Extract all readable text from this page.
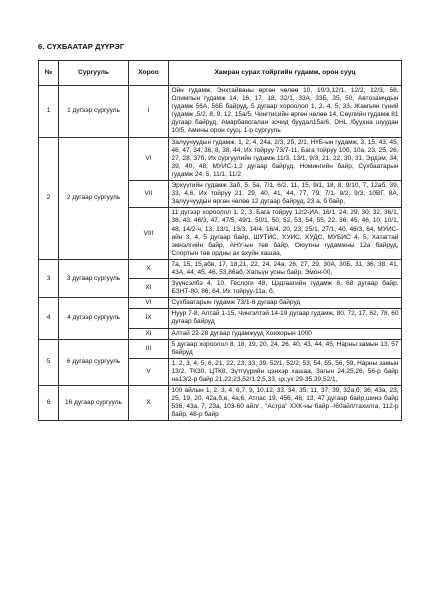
6. СҮХБААТАР ДҮҮРЭГ
№	Сургууль	Хороо	Хамран сурах тойргийн гудамж, орон сууц
1	1 дүгээр сургууль	I	Ойн гудамж, Энхтайваны өргөн чөлөө 10, 10/3,12/1, 12/2, 12/3, 58, Олимпын гудамж 14, 16, 17, 18, 32/1, 33А, 33Б, 35, 50, Автозамчдын гудамж 56А, 56Б байруд, 5 дугаар хороолол 1, 2, 4, 5, 33, Жамъян гүний гудамж ,5/2, 8, 9, 12, 15а/5, Чинггисийн өргөн чөлөө 14, Сөүлийн гудамж 81 дугаар байруд, Амарбаясгалан зочид буудал15а/6, DHL /буухиа шуудан 10/5, Амины орон сууц, 1-р сургууль
2	2 дугаар сургууль	VI	Залуучуудын гудамж, 1, 2, 4, 24а, 2/3, 2б, 2/1, НҮБ-ын гудамж, 3, 15, 43, 45, 46, 47, 34, 36, 8, 38, 44, Их тойруу 73/7-11, Бага тойруу 10б, 10а, 23, 25, 26, 27, 28, 37б, Их сургуулийн гудамж 11/3, 13/1, 9/3, 21, 22, 30, 31, Эрдэм, 34, 39, 40, 48, МУИС-1,2 дугаар байруд, Номингийн байр, Сүхбаатарын гудамж 24, 5, 11/1, 11/2
		VII	Эрхүүгийн гудамж 3аб, 5, 5а, 7/1, 6/2, 11, 15, 9/1, 18, 8, 9/10, 7, 12аб, 39, 33, 4,6, Их тойруу 21, 29, 40, 41, 44, 77, 79, 7/1, 9/2, 9/3, 10ВГ, 8А, Залуучуудын өргөн чөлөө 12 дугаар байруд, 23 а, б байр,
		VIII	11 дүгээр хороолол 1, 2, 3, Бага тойруу 12/2-ИА, 16/1, 24, 29, 30, 32, 36/1, 38, 43, 46/3, 47, 47/5, 49/1, 50/1, 50, 52, 53, 54, 55, 22, 36, 45, 46, 10, 10/1, 48, 14/2-ч, 13, 13/1, 13/3, 14/4, 16/4, 20, 23, 25/1, 27/1, 40, 46/3, 64, МУИС-ийн 3, 4, 5 дугаар байр, ШУТИС, ХУИС, ХУДС, МУБИС 4, 5, Хатагтай эмнэлгийн байр, АНУ-ын тев байр, Оюутны гудамжны 12а байруд, Спортын төв ордны ах ахуйн хашаа,
3	3 дугаар сургууль	X	7а, 15, 15,абв, 17, 18,21, 22, 24, 24а, 26, 27, 29, 30А, 30Б, 31, 36, 38, 41, 43А, 44, 45, 46, 53,86аб, Хальүн усны байр, Эмон-00,
		XI	Зүүнсэлбэ 4, 10, Геслоги 48, Цэдгаагийн гудамж 8, 68 дугаар байр, БЗНТ-80, 86, 64, Их тойруу-11а, б,
4	4 дүгээр сургууль	VI	Сүхбаатарын гудамж 73/1-6 дугаар байруд
		IX	Нуур 7-8, Алтай 1-15, Чингэлтэй 14-19 дугаар гудамж, 80, 72, 17, 62, 78, 60 дугаар байруд
		XI	Алтай 22-28 дугаар гудамжууд Хонхорын 1000
5	6 дугаар сургууль	III	5 дугаар хороолол 8, 18, 19, 20, 24, 26, 40, 43, 44, 45, Нарны замын 13, 57 байруд
		V	1, 2, 3, 4, 5, 6, 21, 22, 23, 33, 39, 52/1, 52/2, 53, 54, 55, 56, 59, Нарны замын 13/2, ТК30, ЦТК8, Зүтгүүрийн цэнхэр хашаа, Загын 24,25,26, 56-р байр на13/2-р байр 21,22,23,52/1,2,5,33, цх,ух 29-35,39,52/1,
6	16 дугаар сургууль	X	100 айлын 1, 2, 3, 4, 6,7, 9, 10,12, 33, 34, 35, 11, 37, 39, 32а,б, 36, 43а, 23, 25, 19, 20, 42а,б,в, 4а,6, Атлас 19, 456, 48, 13, 47 дугаар байр,шинэ байр 536, 43а, 7, 23а, 103-60 айл/ , "Астра" ХХК-ны байр -/60айл/тахилга, 112-р байр, 48-р байр
